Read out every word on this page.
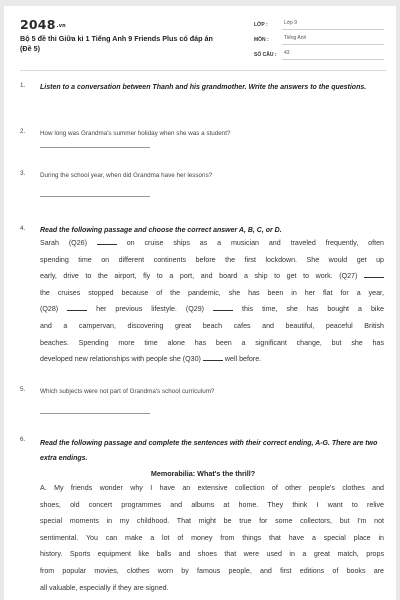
2048.vn
Bộ 5 đề thi Giữa kì 1 Tiếng Anh 9 Friends Plus có đáp án (Đề 5)
LỚP :	Lớp 9
MÔN :	Tiếng Anh
SỐ CÂU :	43
1. Listen to a conversation between Thanh and his grandmother. Write the answers to the questions.
2. How long was Grandma's summer holiday when she was a student?
3. During the school year, when did Grandma have her lessons?
4. Read the following passage and choose the correct answer A, B, C, or D.
Sarah (Q26)	on cruise ships as a musician and traveled frequently, often
spending time on different continents before the first lockdown. She would get up
early, drive to the airport, fly to a port, and board a ship to get to work. (Q27)
the cruises stopped because of the pandemic, she has been in her flat for a year,
(Q28)	her previous lifestyle. (Q29)	this time, she has bought a bike
and a campervan, discovering great beach cafes and beautiful, peaceful British
beaches. Spending more time alone has been a significant change, but she has
developed new relationships with people she (Q30)	well before.
5. Which subjects were not part of Grandma's school curriculum?
6.
Read the following passage and complete the sentences with their correct ending, A-G. There are two extra endings.
Memorabilia: What's the thrill?
A. My friends wonder why I have an extensive collection of other people's clothes and
shoes, old concert programmes and albums at home. They think I want to relive
special moments in my childhood. That might be true for some collectors, but I'm not
sentimental. You can make a lot of money from things that have a special place in
history. Sports equipment like balls and shoes that were used in a great match, props
from popular movies, clothes worn by famous people, and first editions of books are
all valuable, especially if they are signed.
